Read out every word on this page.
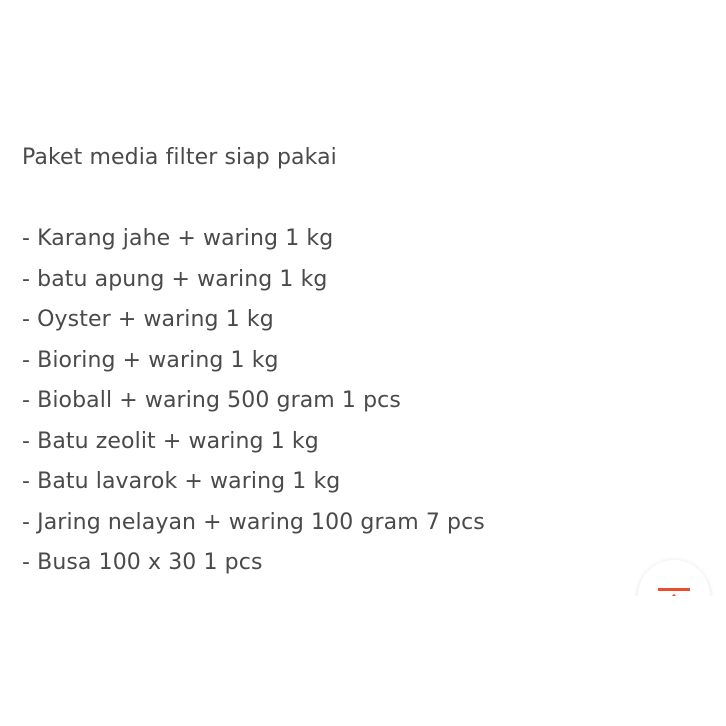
Paket media filter siap pakai
- Karang jahe + waring 1 kg
- batu apung + waring 1 kg
- Oyster + waring 1 kg
- Bioring + waring 1 kg
- Bioball + waring 500 gram 1 pcs
- Batu zeolit + waring 1 kg
- Batu lavarok + waring 1 kg
- Jaring nelayan + waring 100 gram 7 pcs
- Busa 100 x 30 1 pcs
